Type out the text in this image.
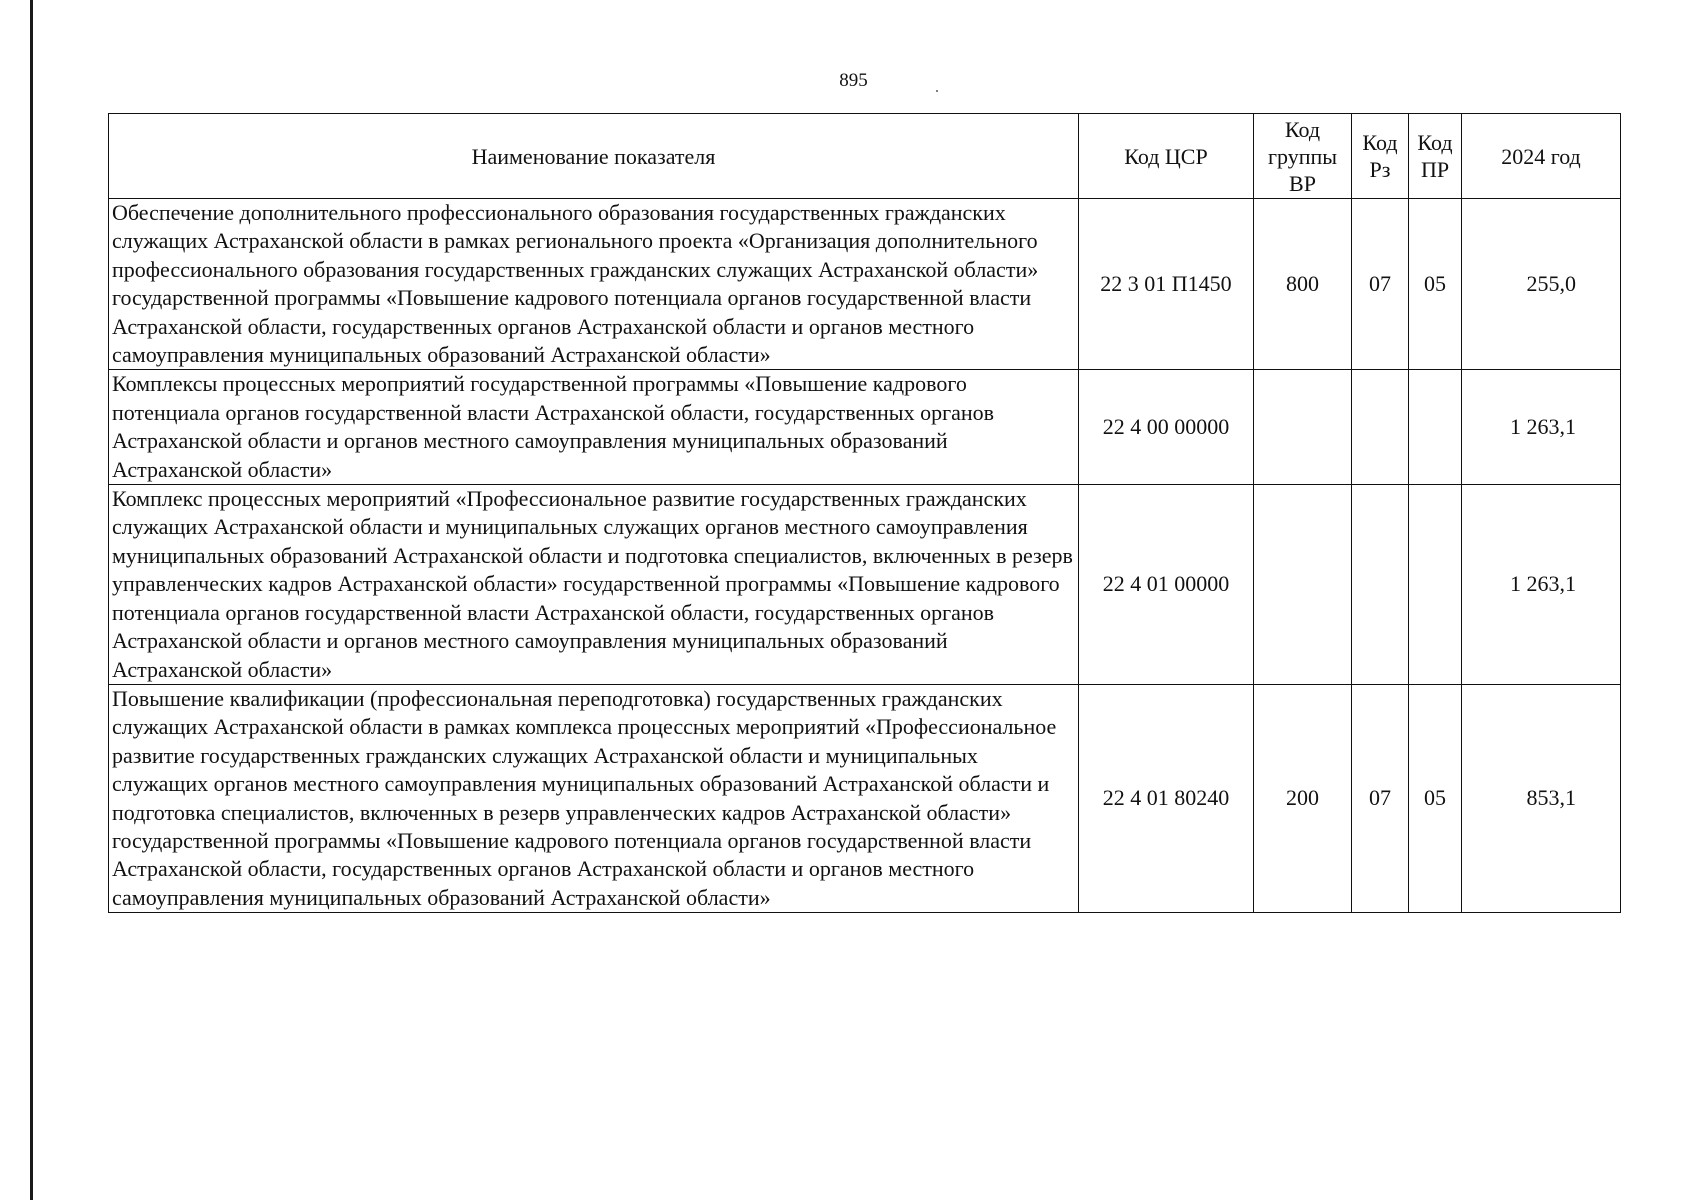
895
Наименование показателя	Код ЦСР	Код группы ВР	Код Рз	Код ПР	2024 год
Обеспечение дополнительного профессионального образования государственных гражданских служащих Астраханской области в рамках регионального проекта «Организация дополнительного профессионального образования государственных гражданских служащих Астраханской области» государственной программы «Повышение кадрового потенциала органов государственной власти Астраханской области, государственных органов Астраханской области и органов местного самоуправления муниципальных образований Астраханской области»	22 3 01 П1450	800	07	05	255,0
Комплексы процессных мероприятий государственной программы «Повышение кадрового потенциала органов государственной власти Астраханской области, государственных органов Астраханской области и органов местного самоуправления муниципальных образований Астраханской области»	22 4 00 00000				1 263,1
Комплекс процессных мероприятий «Профессиональное развитие государственных гражданских служащих Астраханской области и муниципальных служащих органов местного самоуправления муниципальных образований Астраханской области и подготовка специалистов, включенных в резерв управленческих кадров Астраханской области» государственной программы «Повышение кадрового потенциала органов государственной власти Астраханской области, государственных органов Астраханской области и органов местного самоуправления муниципальных образований Астраханской области»	22 4 01 00000				1 263,1
Повышение квалификации (профессиональная переподготовка) государственных гражданских служащих Астраханской области в рамках комплекса процессных мероприятий «Профессиональное развитие государственных гражданских служащих Астраханской области и муниципальных служащих органов местного самоуправления муниципальных образований Астраханской области и подготовка специалистов, включенных в резерв управленческих кадров Астраханской области» государственной программы «Повышение кадрового потенциала органов государственной власти Астраханской области, государственных органов Астраханской области и органов местного самоуправления муниципальных образований Астраханской области»	22 4 01 80240	200	07	05	853,1
